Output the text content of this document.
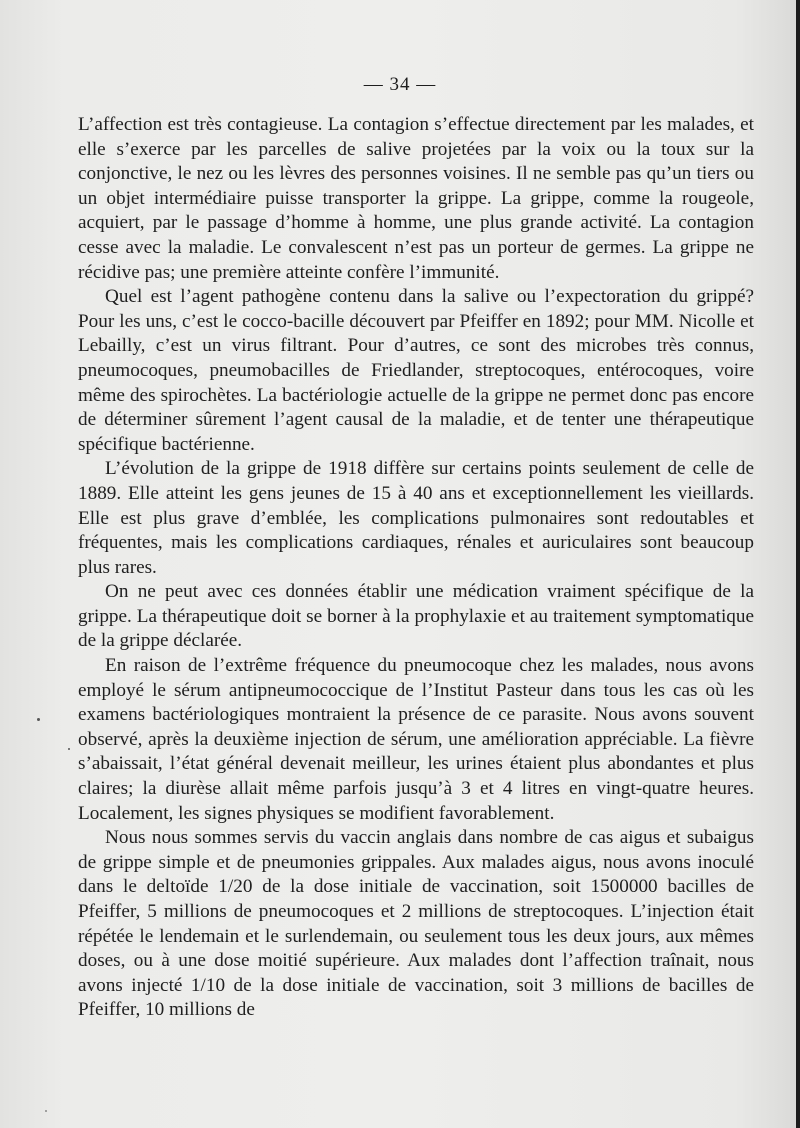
— 34 —

L’affection est très contagieuse. La contagion s’effectue directement par les malades, et elle s’exerce par les parcelles de salive projetées par la voix ou la toux sur la conjonctive, le nez ou les lèvres des personnes voisines. Il ne semble pas qu’un tiers ou un objet intermédiaire puisse transporter la grippe. La grippe, comme la rougeole, acquiert, par le passage d’homme à homme, une plus grande activité. La contagion cesse avec la maladie. Le convalescent n’est pas un porteur de germes. La grippe ne récidive pas; une première atteinte confère l’immunité.

Quel est l’agent pathogène contenu dans la salive ou l’expectoration du grippé? Pour les uns, c’est le cocco-bacille découvert par Pfeiffer en 1892; pour MM. Nicolle et Lebailly, c’est un virus filtrant. Pour d’autres, ce sont des microbes très connus, pneumocoques, pneumobacilles de Friedlander, streptocoques, entérocoques, voire même des spirochètes. La bactériologie actuelle de la grippe ne permet donc pas encore de déterminer sûrement l’agent causal de la maladie, et de tenter une thérapeutique spécifique bactérienne.

L’évolution de la grippe de 1918 diffère sur certains points seulement de celle de 1889. Elle atteint les gens jeunes de 15 à 40 ans et exceptionnellement les vieillards. Elle est plus grave d’emblée, les complications pulmonaires sont redoutables et fréquentes, mais les complications cardiaques, rénales et auriculaires sont beaucoup plus rares.

On ne peut avec ces données établir une médication vraiment spécifique de la grippe. La thérapeutique doit se borner à la prophylaxie et au traitement symptomatique de la grippe déclarée.

En raison de l’extrême fréquence du pneumocoque chez les malades, nous avons employé le sérum antipneumococcique de l’Institut Pasteur dans tous les cas où les examens bactériologiques montraient la présence de ce parasite. Nous avons souvent observé, après la deuxième injection de sérum, une amélioration appréciable. La fièvre s’abaissait, l’état général devenait meilleur, les urines étaient plus abondantes et plus claires; la diurèse allait même parfois jusqu’à 3 et 4 litres en vingt-quatre heures. Localement, les signes physiques se modifient favorablement.

Nous nous sommes servis du vaccin anglais dans nombre de cas aigus et subaigus de grippe simple et de pneumonies grippales. Aux malades aigus, nous avons inoculé dans le deltoïde 1/20 de la dose initiale de vaccination, soit 1500000 bacilles de Pfeiffer, 5 millions de pneumocoques et 2 millions de streptocoques. L’injection était répétée le lendemain et le surlendemain, ou seulement tous les deux jours, aux mêmes doses, ou à une dose moitié supérieure. Aux malades dont l’affection traînait, nous avons injecté 1/10 de la dose initiale de vaccination, soit 3 millions de bacilles de Pfeiffer, 10 millions de
